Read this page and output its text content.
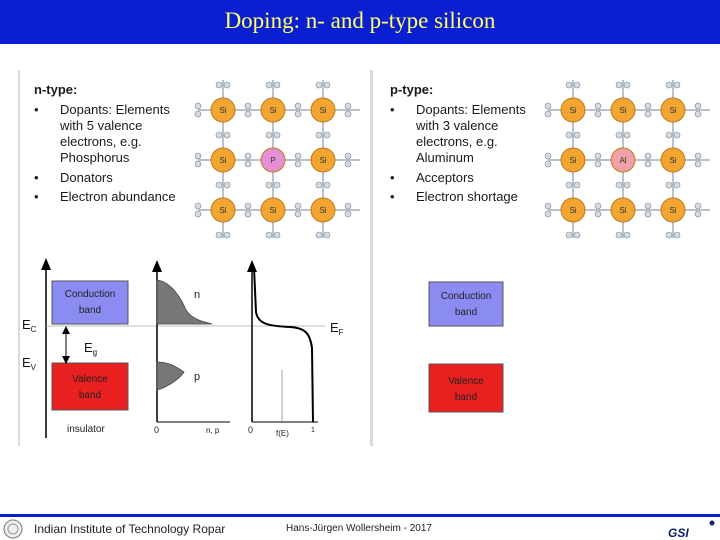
Doping: n- and p-type silicon
n-type:
• Dopants: Elements
with 5 valence
electrons, e.g.
Phosphorus
• Donators
• Electron abundance
p-type:
• Dopants: Elements
with 3 valence
electrons, e.g.
Aluminum
• Acceptors
• Electron shortage
Si	Si	Si
Si	P	Si
Si	Si	Si
Si	Si	Si
Si	Al	Si
Si	Si	Si
Conduction
band
Valence
band
insulator
$E_C$
$E_V$
$E_g$
$E_F$
n
p
0	n, p	0	f(E)	1
Conduction
band
Valence
band
Indian Institute of Technology Ropar	Hans-Jürgen Wollersheim - 2017	GSI
